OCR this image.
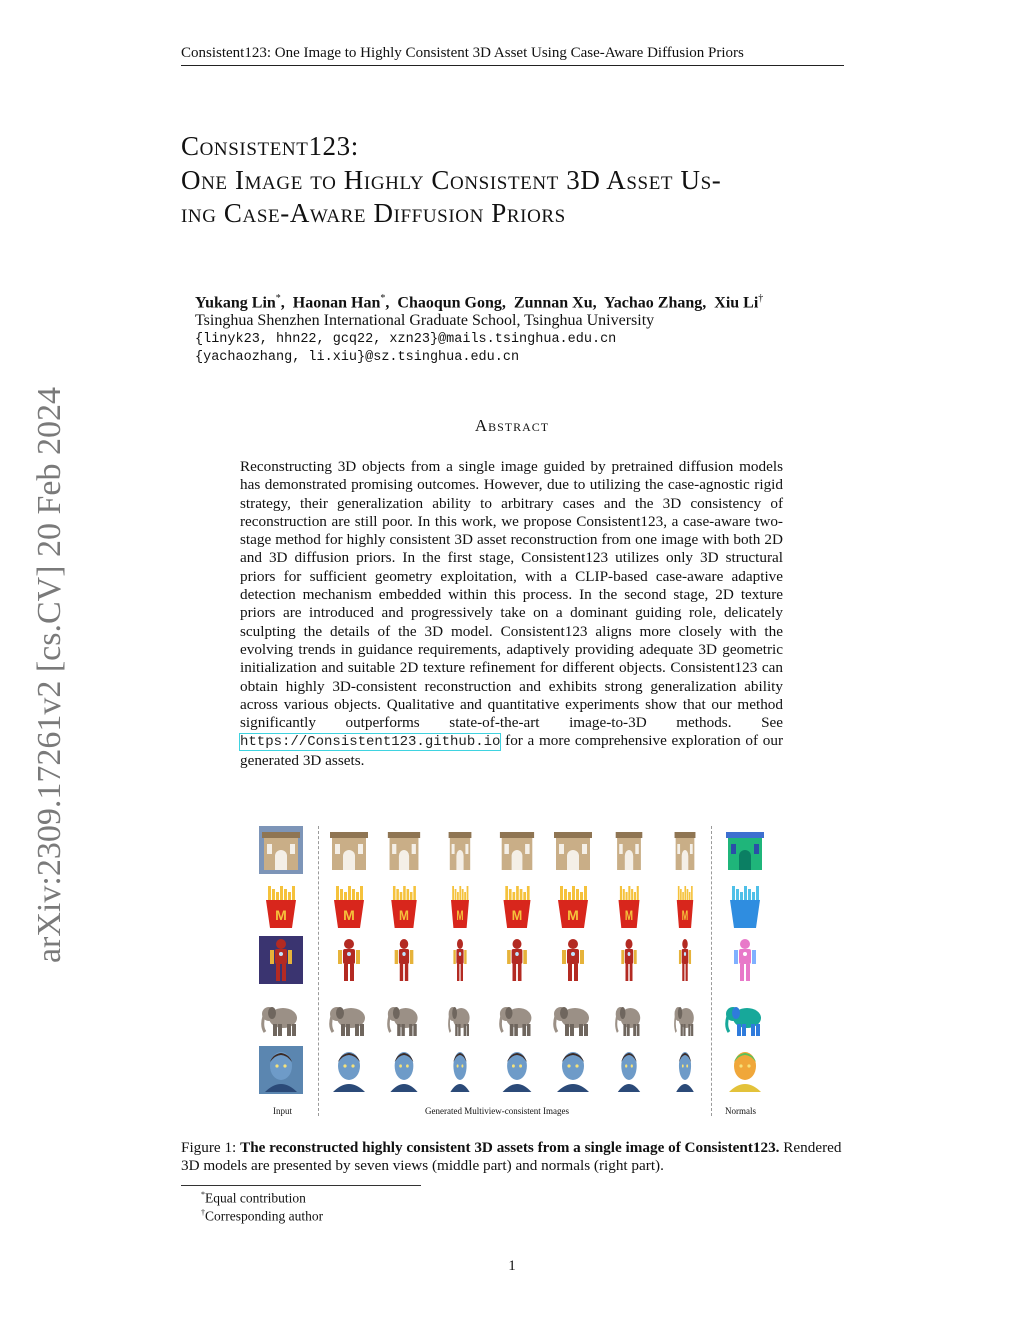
Consistent123: One Image to Highly Consistent 3D Asset Using Case-Aware Diffusion Priors
arXiv:2309.17261v2 [cs.CV] 20 Feb 2024
Consistent123:
One Image to Highly Consistent 3D Asset Us-
ing Case-Aware Diffusion Priors
Yukang Lin*,  Haonan Han*,  Chaoqun Gong,  Zunnan Xu,  Yachao Zhang,  Xiu Li†
Tsinghua Shenzhen International Graduate School, Tsinghua University
{linyk23, hhn22, gcq22, xzn23}@mails.tsinghua.edu.cn
{yachaozhang, li.xiu}@sz.tsinghua.edu.cn
Abstract
Reconstructing 3D objects from a single image guided by pretrained diffusion models has demonstrated promising outcomes. However, due to utilizing the case-agnostic rigid strategy, their generalization ability to arbitrary cases and the 3D consistency of reconstruction are still poor. In this work, we propose Consistent123, a case-aware two-stage method for highly consistent 3D asset reconstruction from one image with both 2D and 3D diffusion priors. In the first stage, Consistent123 utilizes only 3D structural priors for sufficient geometry exploitation, with a CLIP-based case-aware adaptive detection mechanism embedded within this process. In the second stage, 2D texture priors are introduced and progressively take on a dominant guiding role, delicately sculpting the details of the 3D model. Consistent123 aligns more closely with the evolving trends in guidance requirements, adaptively providing adequate 3D geometric initialization and suitable 2D texture refinement for different objects. Consistent123 can obtain highly 3D-consistent reconstruction and exhibits strong generalization ability across various objects. Qualitative and quantitative experiments show that our method significantly outperforms state-of-the-art image-to-3D methods. See https://Consistent123.github.io for a more comprehensive exploration of our generated 3D assets.
M	M	M	M	M	M	M	M
Input	Generated Multiview-consistent Images	Normals
Figure 1: The reconstructed highly consistent 3D assets from a single image of Consistent123. Rendered 3D models are presented by seven views (middle part) and normals (right part).
*Equal contribution
†Corresponding author
1
